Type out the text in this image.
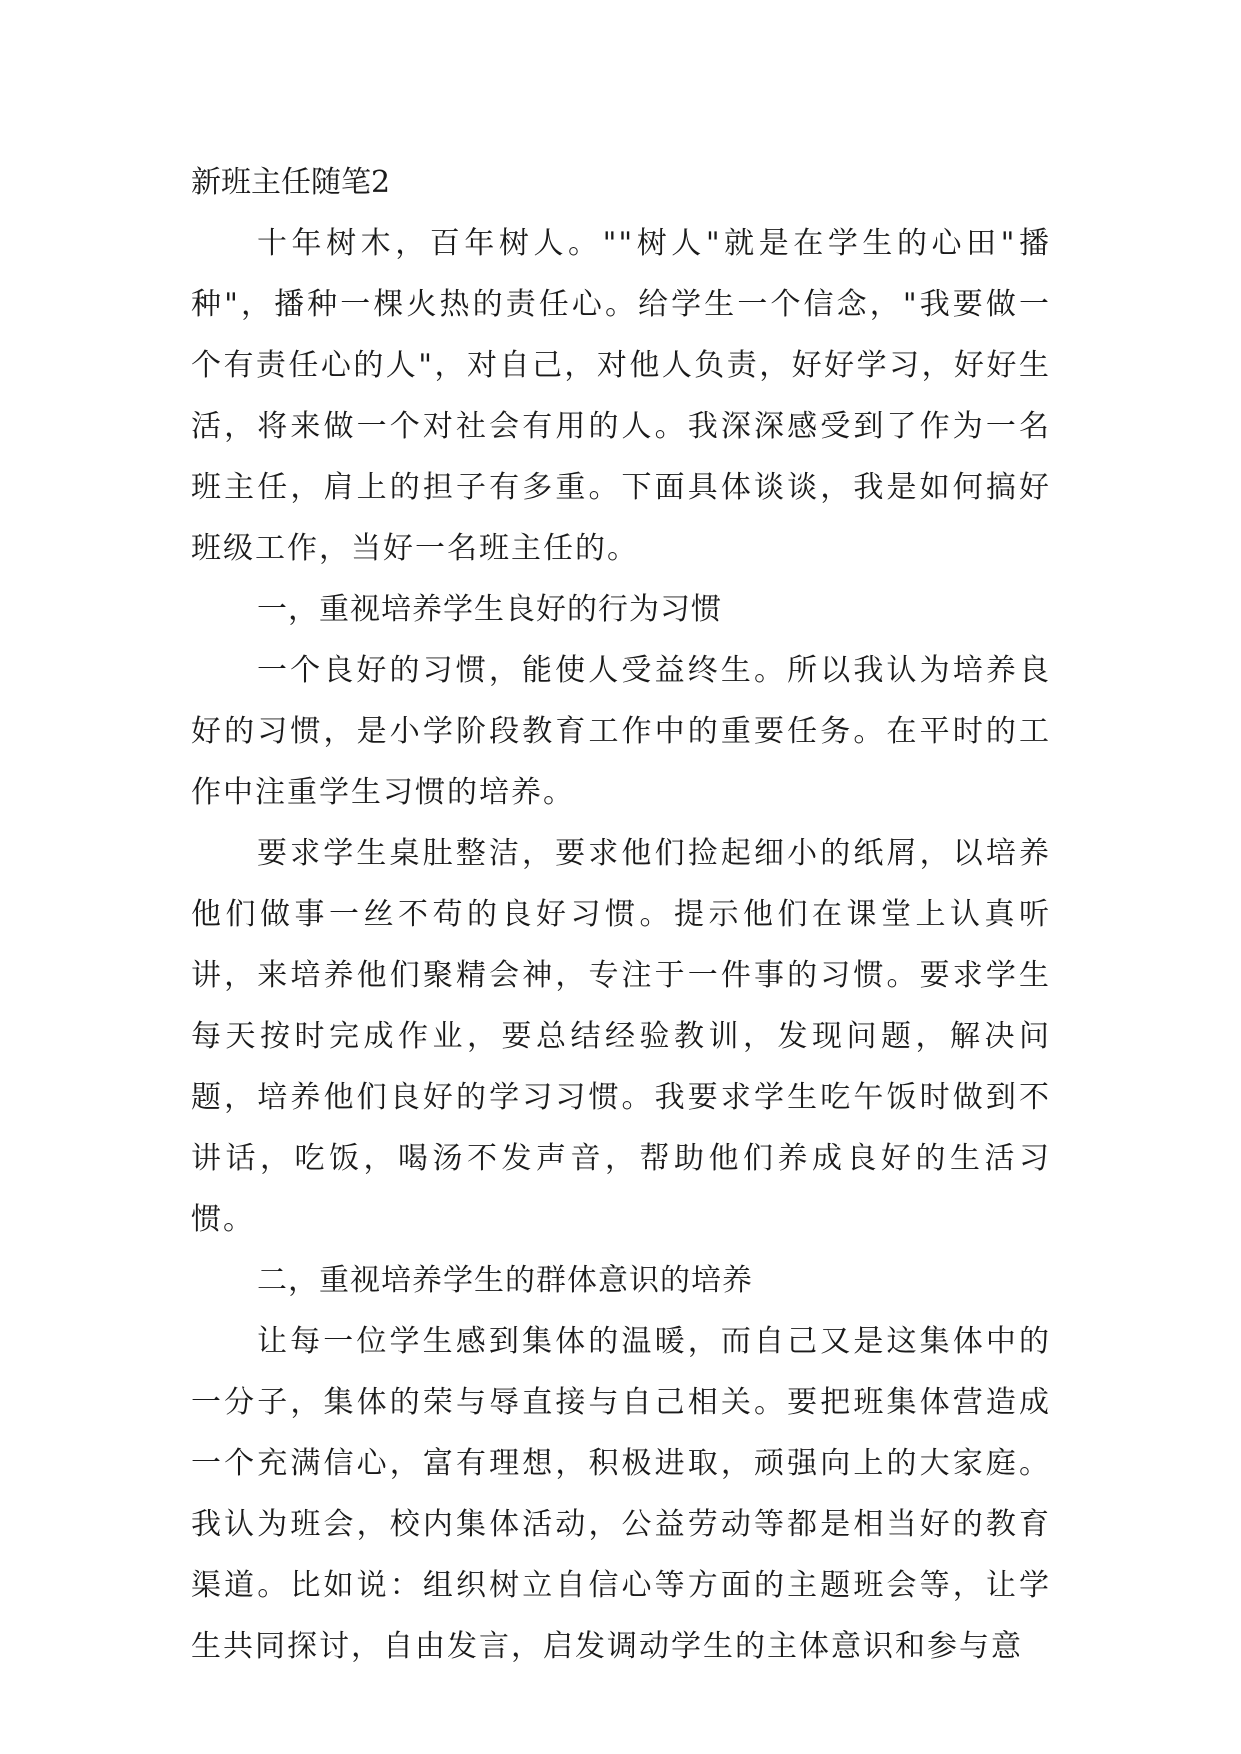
新班主任随笔2

十年树木，百年树人。""树人"就是在学生的心田"播种"，播种一棵火热的责任心。给学生一个信念，"我要做一个有责任心的人"，对自己，对他人负责，好好学习，好好生活，将来做一个对社会有用的人。我深深感受到了作为一名班主任，肩上的担子有多重。下面具体谈谈，我是如何搞好班级工作，当好一名班主任的。

一，重视培养学生良好的行为习惯

一个良好的习惯，能使人受益终生。所以我认为培养良好的习惯，是小学阶段教育工作中的重要任务。在平时的工作中注重学生习惯的培养。

要求学生桌肚整洁，要求他们捡起细小的纸屑，以培养他们做事一丝不苟的良好习惯。提示他们在课堂上认真听讲，来培养他们聚精会神，专注于一件事的习惯。要求学生每天按时完成作业，要总结经验教训，发现问题，解决问题，培养他们良好的学习习惯。我要求学生吃午饭时做到不讲话，吃饭，喝汤不发声音，帮助他们养成良好的生活习惯。

二，重视培养学生的群体意识的培养

让每一位学生感到集体的温暖，而自己又是这集体中的一分子，集体的荣与辱直接与自己相关。要把班集体营造成一个充满信心，富有理想，积极进取，顽强向上的大家庭。我认为班会，校内集体活动，公益劳动等都是相当好的教育渠道。比如说：组织树立自信心等方面的主题班会等，让学生共同探讨，自由发言，启发调动学生的主体意识和参与意
